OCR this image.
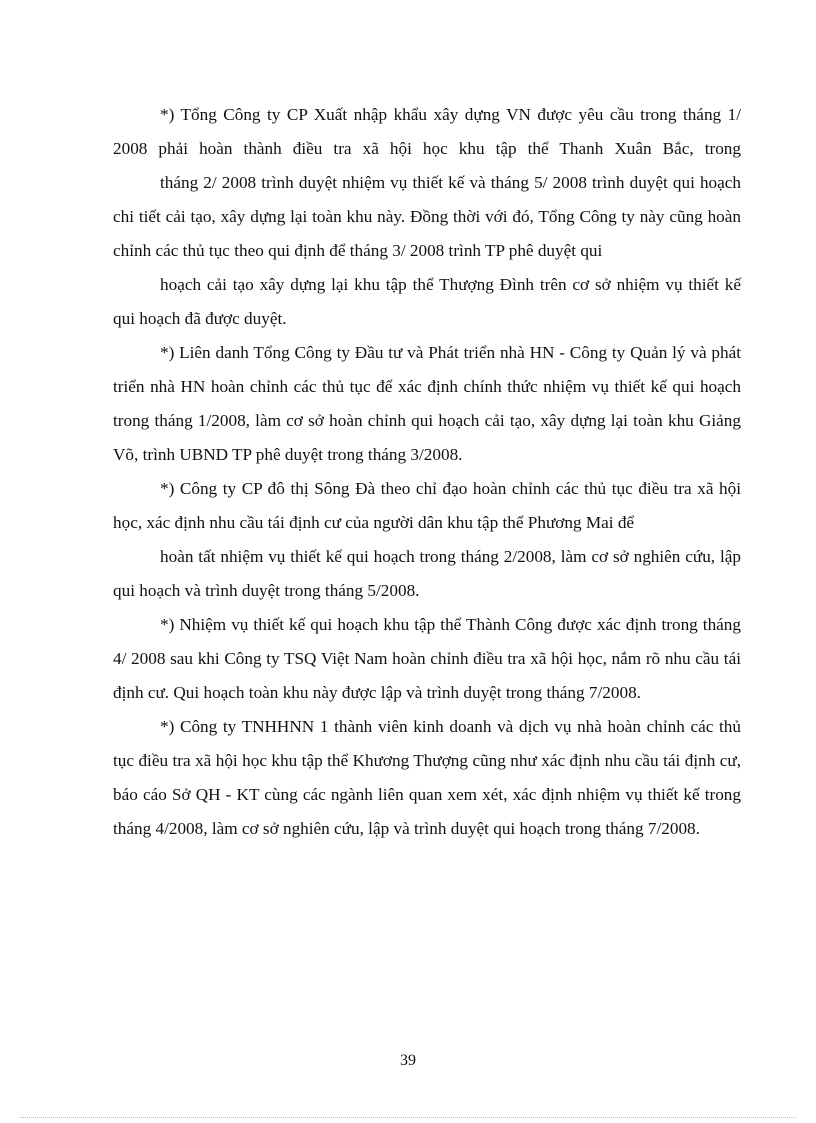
*) Tổng Công ty CP Xuất nhập khẩu xây dựng VN được yêu cầu trong tháng 1/ 2008 phải hoàn thành điều tra xã hội học khu tập thể Thanh Xuân Bắc, trong

tháng 2/ 2008 trình duyệt nhiệm vụ thiết kế và tháng 5/ 2008 trình duyệt qui hoạch chi tiết cải tạo, xây dựng lại toàn khu này. Đồng thời với đó, Tổng Công ty này cũng hoàn chỉnh các thủ tục theo qui định để tháng 3/ 2008 trình TP phê duyệt qui

hoạch cải tạo xây dựng lại khu tập thể Thượng Đình trên cơ sở nhiệm vụ thiết kế qui hoạch đã được duyệt.

*) Liên danh Tổng Công ty Đầu tư và Phát triển nhà HN - Công ty Quản lý và phát triển nhà HN hoàn chỉnh các thủ tục để xác định chính thức nhiệm vụ thiết kế qui hoạch trong tháng 1/2008, làm cơ sở hoàn chỉnh qui hoạch cải tạo, xây dựng lại toàn khu Giảng Võ, trình UBND TP phê duyệt trong tháng 3/2008.

*) Công ty CP đô thị Sông Đà theo chỉ đạo hoàn chỉnh các thủ tục điều tra xã hội học, xác định nhu cầu tái định cư của người dân khu tập thể Phương Mai để

hoàn tất nhiệm vụ thiết kế qui hoạch trong tháng 2/2008, làm cơ sở nghiên cứu, lập qui hoạch và trình duyệt trong tháng 5/2008.

*) Nhiệm vụ thiết kế qui hoạch khu tập thể Thành Công được xác định trong tháng 4/ 2008 sau khi Công ty TSQ Việt Nam hoàn chỉnh điều tra xã hội học, nắm rõ nhu cầu tái định cư. Qui hoạch toàn khu này được lập và trình duyệt trong tháng 7/2008.

*) Công ty TNHHNN 1 thành viên kinh doanh và dịch vụ nhà hoàn chỉnh các thủ tục điều tra xã hội học khu tập thể Khương Thượng cũng như xác định nhu cầu tái định cư, báo cáo Sở QH - KT cùng các ngành liên quan xem xét, xác định nhiệm vụ thiết kế trong tháng 4/2008, làm cơ sở nghiên cứu, lập và trình duyệt qui hoạch trong tháng 7/2008.

39
